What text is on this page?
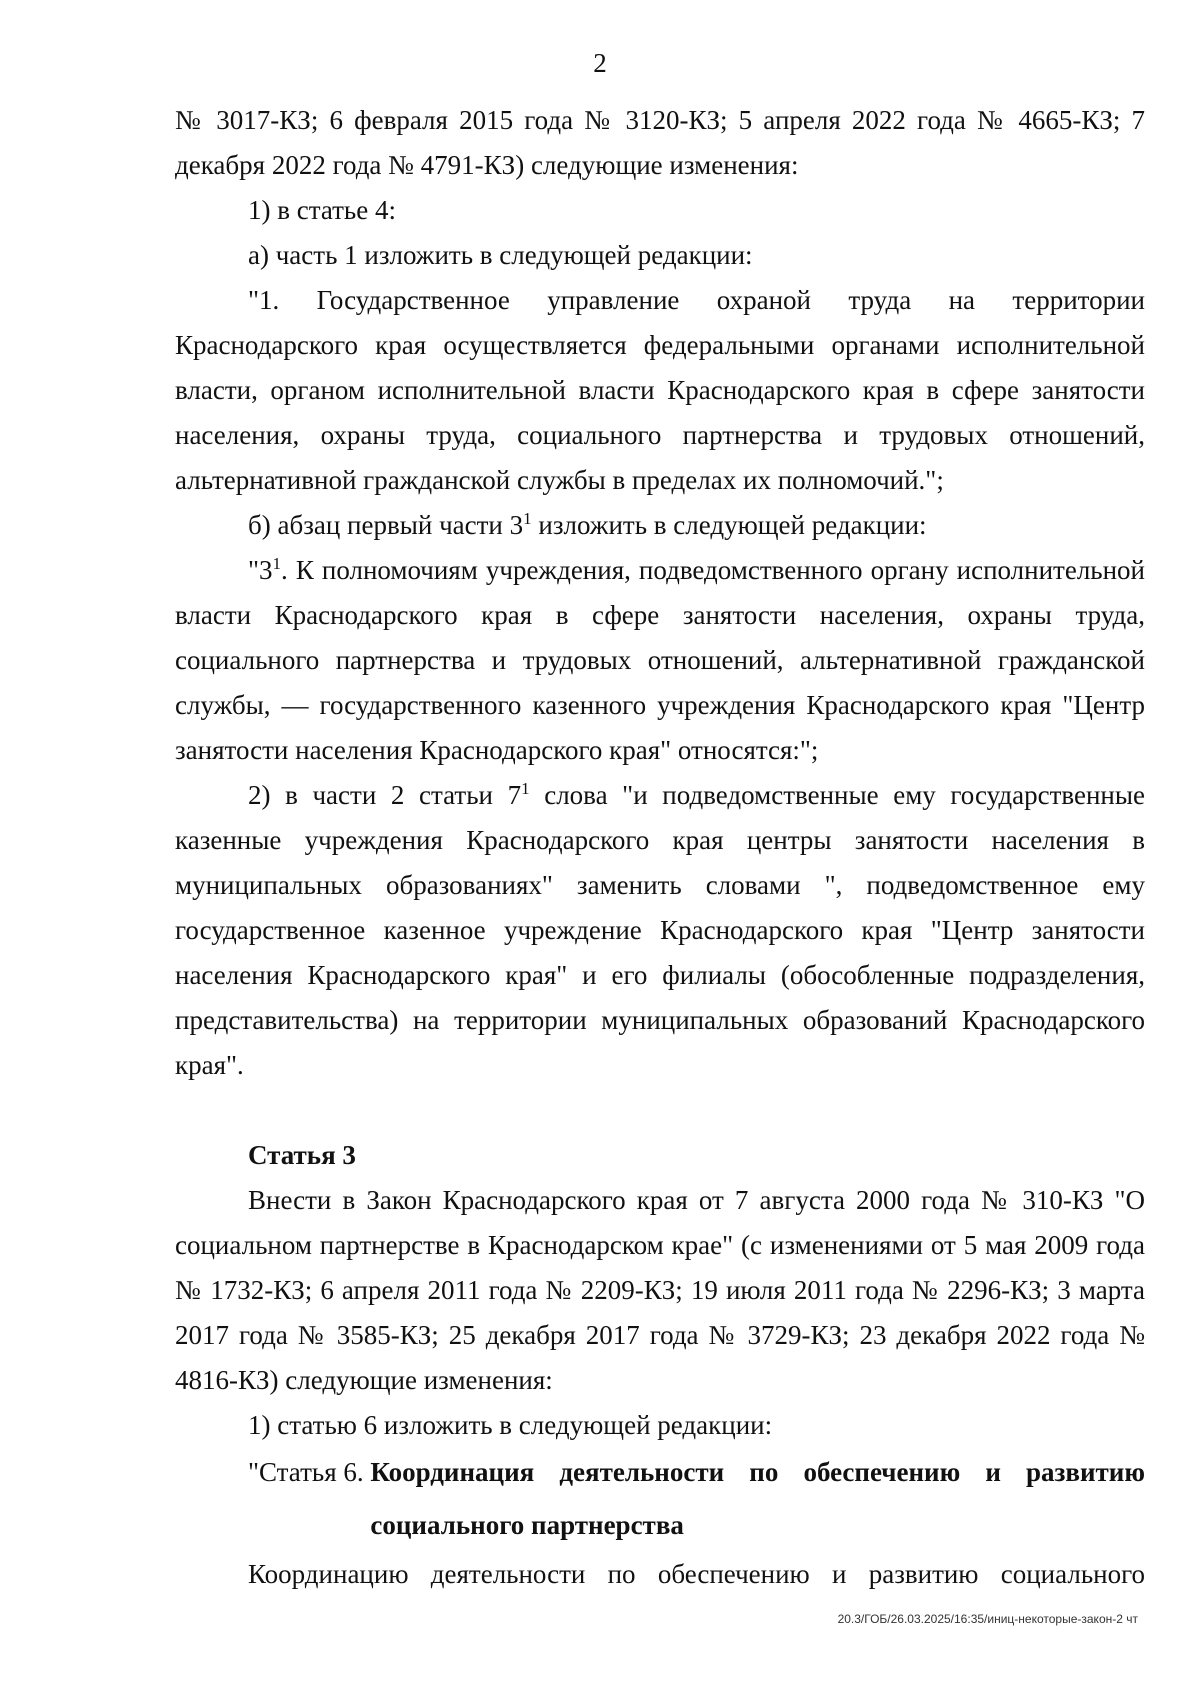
2

№ 3017-КЗ; 6 февраля 2015 года № 3120-КЗ; 5 апреля 2022 года № 4665-КЗ; 7 декабря 2022 года № 4791-КЗ) следующие изменения:

1) в статье 4:

а) часть 1 изложить в следующей редакции:

"1. Государственное управление охраной труда на территории Краснодарского края осуществляется федеральными органами исполнительной власти, органом исполнительной власти Краснодарского края в сфере занятости населения, охраны труда, социального партнерства и трудовых отношений, альтернативной гражданской службы в пределах их полномочий.";

б) абзац первый части $3^1$ изложить в следующей редакции:

"$3^1$. К полномочиям учреждения, подведомственного органу исполнительной власти Краснодарского края в сфере занятости населения, охраны труда, социального партнерства и трудовых отношений, альтернативной гражданской службы, — государственного казенного учреждения Краснодарского края "Центр занятости населения Краснодарского края" относятся:";

2) в части 2 статьи $7^1$ слова "и подведомственные ему государственные казенные учреждения Краснодарского края центры занятости населения в муниципальных образованиях" заменить словами ", подведомственное ему государственное казенное учреждение Краснодарского края "Центр занятости населения Краснодарского края" и его филиалы (обособленные подразделения, представительства) на территории муниципальных образований Краснодарского края".

Статья 3

Внести в Закон Краснодарского края от 7 августа 2000 года № 310-КЗ "О социальном партнерстве в Краснодарском крае" (с изменениями от 5 мая 2009 года № 1732-КЗ; 6 апреля 2011 года № 2209-КЗ; 19 июля 2011 года № 2296-КЗ; 3 марта 2017 года № 3585-КЗ; 25 декабря 2017 года № 3729-КЗ; 23 декабря 2022 года № 4816-КЗ) следующие изменения:

1) статью 6 изложить в следующей редакции:

"Статья 6. Координация деятельности по обеспечению и развитию социального партнерства

Координацию деятельности по обеспечению и развитию социального

20.3/ГОБ/26.03.2025/16:35/иниц-некоторые-закон-2 чт
